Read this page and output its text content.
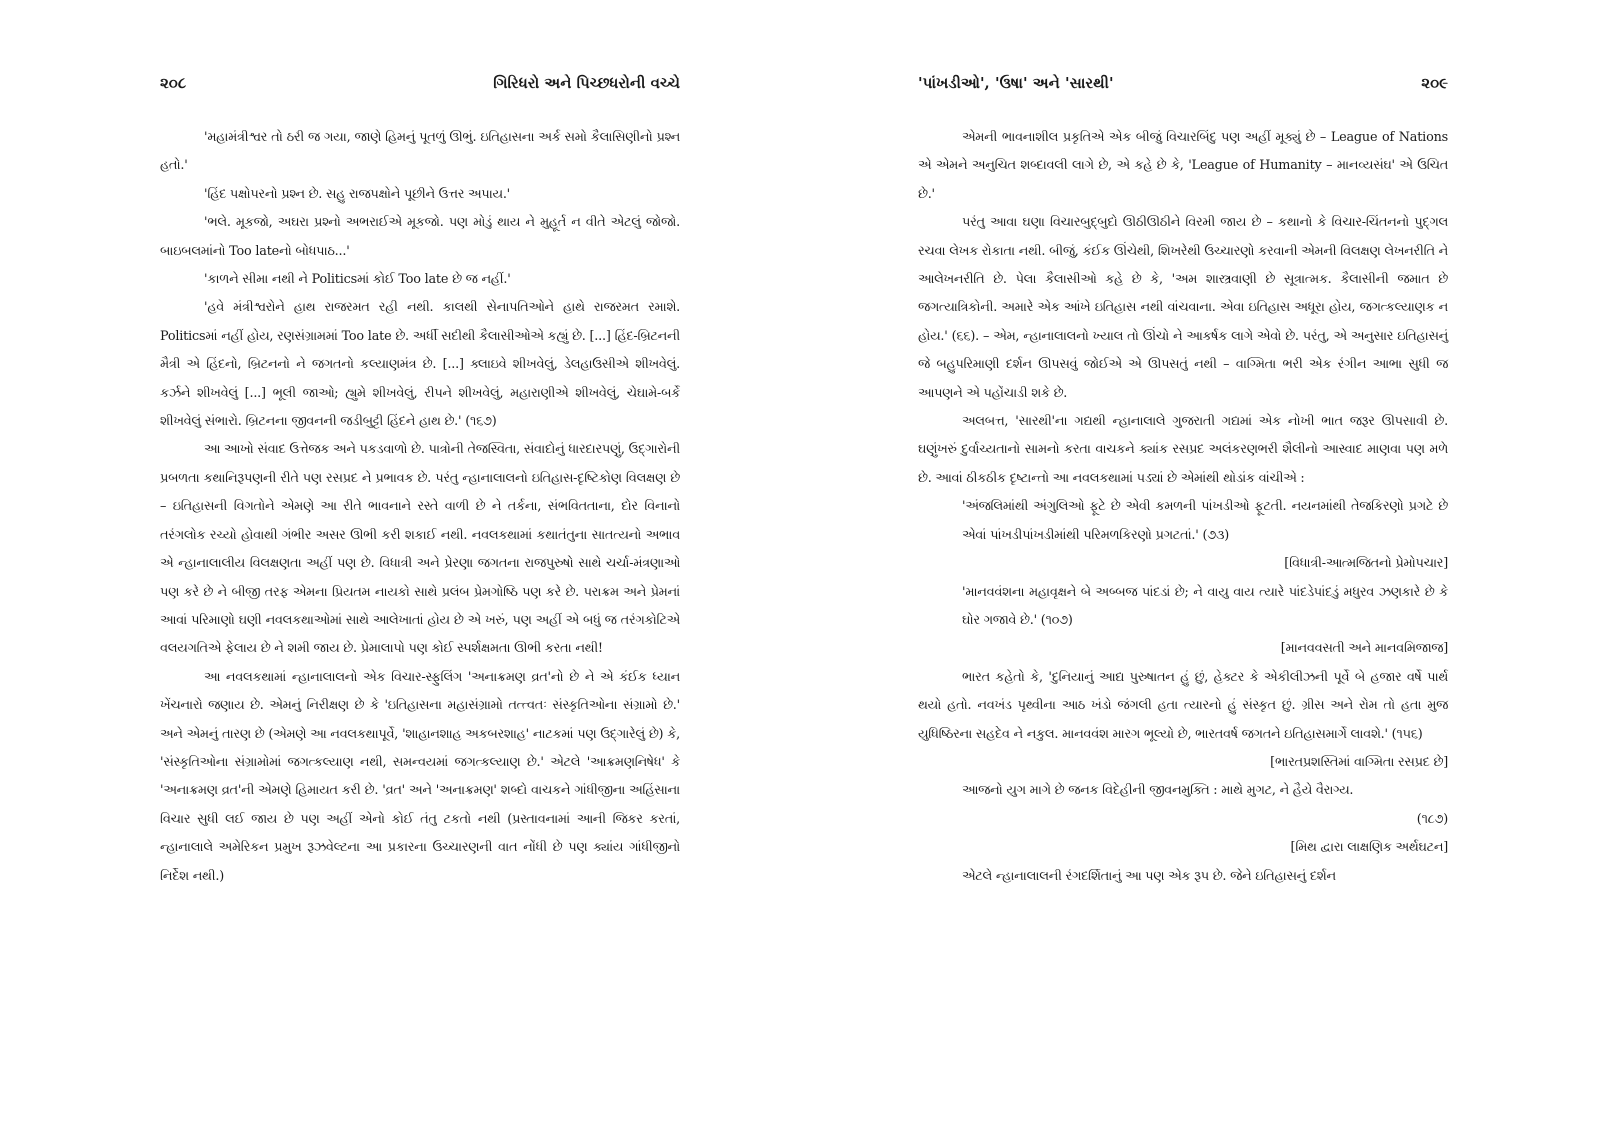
૨૦૮	ગિરિધરો અને પિચ્છધરોની વચ્ચે

'મહામંત્રીશ્વર તો ઠરી જ ગયા, જાણે હિમનું પૂતળું ઊભું. ઇતિહાસના અર્ક સમો કૈલાસિણીનો પ્રશ્ન હતો.'

'હિંદ પક્ષોપરનો પ્રશ્ન છે. સહુ રાજપક્ષોને પૂછીને ઉત્તર અપાય.'

'ભલે. મૂકજો, અઘરા પ્રશ્નો અભરાઈએ મૂકજો. પણ મોડું થાય ને મુહૂર્ત ન વીતે એટલું જોજો. બાઇબલમાંનો Too lateનો બોધપાઠ...'

'કાળને સીમા નથી ને Politicsમાં કોઈ Too late છે જ નહીં.'

'હવે મંત્રીશ્વરોને હાથ રાજરમત રહી નથી. કાલથી સેનાપતિઓને હાથે રાજરમત રમાશે. Politicsમાં નહીં હોય, રણસંગ્રામમાં Too late છે. અર્ધી સદીથી કૈલાસીઓએ કહ્યું છે. [...] હિંદ-બ્રિટનની મૈત્રી એ હિંદનો, બ્રિટનનો ને જગતનો કલ્યાણમંત્ર છે. [...] ક્લાઇવે શીખવેલું, ડેલહાઉસીએ શીખવેલું. કર્ઝને શીખવેલું [...] ભૂલી જાઓ; હ્યુમે શીખવેલું, રીપને શીખવેલું, મહારાણીએ શીખવેલું, ચેઘામે-બર્કે શીખવેલું સંભારો. બ્રિટનના જીવનની જડીબુટ્ટી હિંદને હાથ છે.' (૧૬૭)

આ આખો સંવાદ ઉત્તેજક અને પકડવાળો છે. પાત્રોની તેજસ્વિતા, સંવાદોનું ધારદારપણું, ઉદ્ગારોની પ્રબળતા કથાનિરૂપણની રીતે પણ રસપ્રદ ને પ્રભાવક છે. પરંતુ ન્હાનાલાલનો ઇતિહાસ-દૃષ્ટિકોણ વિલક્ષણ છે – ઇતિહાસની વિગતોને એમણે આ રીતે ભાવનાને રસ્તે વાળી છે ને તર્કના, સંભવિતતાના, દોર વિનાનો તરંગલોક રચ્યો હોવાથી ગંભીર અસર ઊભી કરી શકાઈ નથી. નવલકથામાં કથાતંતુના સાતત્યનો અભાવ એ ન્હાનાલાલીય વિલક્ષણતા અહીં પણ છે. વિધાત્રી અને પ્રેરણા જગતના રાજપુરુષો સાથે ચર્ચા-મંત્રણાઓ પણ કરે છે ને બીજી તરફ એમના પ્રિયતમ નાયકો સાથે પ્રલંબ પ્રેમગોષ્ઠિ પણ કરે છે. પરાક્રમ અને પ્રેમનાં આવાં પરિમાણો ઘણી નવલકથાઓમાં સાથે આલેખાતાં હોય છે એ ખરું, પણ અહીં એ બધું જ તરંગકોટિએ વલયગતિએ ફેલાય છે ને શમી જાય છે. પ્રેમાલાપો પણ કોઈ સ્પર્શક્ષમતા ઊભી કરતા નથી!

આ નવલકથામાં ન્હાનાલાલનો એક વિચાર-સ્ફુલિંગ 'અનાક્રમણ વ્રત'નો છે ને એ કંઈક ધ્યાન ખેંચનારો જણાય છે. એમનું નિરીક્ષણ છે કે 'ઇતિહાસના મહાસંગ્રામો તત્ત્વતઃ સંસ્કૃતિઓના સંગ્રામો છે.' અને એમનું તારણ છે (એમણે આ નવલકથાપૂર્વે, 'શાહાનશાહ અકબરશાહ' નાટકમાં પણ ઉદ્ગારેલું છે) કે, 'સંસ્કૃતિઓના સંગ્રામોમાં જગત્કલ્યાણ નથી, સમન્વયમાં જગત્કલ્યાણ છે.' એટલે 'આક્રમણનિષેધ' કે 'અનાક્રમણ વ્રત'ની એમણે હિમાયત કરી છે. 'વ્રત' અને 'અનાક્રમણ' શબ્દો વાચકને ગાંધીજીના અહિંસાના વિચાર સુધી લઈ જાય છે પણ અહીં એનો કોઈ તંતુ ટકતો નથી (પ્રસ્તાવનામાં આની જિકર કરતાં, ન્હાનાલાલે અમેરિકન પ્રમુખ રૂઝવેલ્ટના આ પ્રકારના ઉચ્ચારણની વાત નોંધી છે પણ ક્યાંય ગાંધીજીનો નિર્દેશ નથી.)

'પાંખડીઓ', 'ઉષા' અને 'સારથી'	૨૦૯

એમની ભાવનાશીલ પ્રકૃતિએ એક બીજું વિચારબિંદુ પણ અહીં મૂક્યું છે – League of Nations એ એમને અનુચિત શબ્દાવલી લાગે છે, એ કહે છે કે, 'League of Humanity – માનવ્યસંઘ' એ ઉચિત છે.'

પરંતુ આવા ઘણા વિચારબુદ્બુદો ઊઠીઊઠીને વિરમી જાય છે – કથાનો કે વિચાર-ચિંતનનો પુદ્ગલ રચવા લેખક રોકાતા નથી. બીજું, કંઈક ઊંચેથી, શિખરેથી ઉચ્ચારણો કરવાની એમની વિલક્ષણ લેખનરીતિ ને આલેખનરીતિ છે. પેલા કૈલાસીઓ કહે છે કે, 'અમ શાસ્ત્રવાણી છે સૂત્રાત્મક. કૈલાસીની જમાત છે જગત્યાત્રિકોની. અમારે એક આંખે ઇતિહાસ નથી વાંચવાના. એવા ઇતિહાસ અધૂરા હોય, જગત્કલ્યાણક ન હોય.' (૬૬). – એમ, ન્હાનાલાલનો ખ્યાલ તો ઊંચો ને આકર્ષક લાગે એવો છે. પરંતુ, એ અનુસાર ઇતિહાસનું જે બહુપરિમાણી દર્શન ઊપસવું જોઈએ એ ઊપસતું નથી – વાગ્મિતા ભરી એક રંગીન આભા સુધી જ આપણને એ પહોંચાડી શકે છે.

અલબત્ત, 'સારથી'ના ગદ્યથી ન્હાનાલાલે ગુજરાતી ગદ્યમાં એક નોખી ભાત જરૂર ઊપસાવી છે. ઘણુંખરું દુર્વાચ્યતાનો સામનો કરતા વાચકને ક્યાંક રસપ્રદ અલંકરણભરી શૈલીનો આસ્વાદ માણવા પણ મળે છે. આવાં ઠીકઠીક દૃષ્ટાન્તો આ નવલકથામાં પડ્યાં છે એમાંથી થોડાંક વાંચીએ :

'અંજલિમાંથી અંગુલિઓ ફૂટે છે એવી કમળની પાંખડીઓ ફૂટતી. નયનમાંથી તેજકિરણો પ્રગટે છે એવાં પાંખડીપાંખડીમાંથી પરિમળકિરણો પ્રગટતાં.' (૭૩)

[વિધાત્રી-આત્મજિતનો પ્રેમોપચાર]

'માનવવંશના મહાવૃક્ષને બે અબ્બજ પાંદડાં છે; ને વાયુ વાય ત્યારે પાંદડેપાંદડું મધુરવ ઝણકારે છે કે ઘોર ગજાવે છે.' (૧૦૭)

[માનવવસતી અને માનવમિજાજ]

ભારત કહેતો કે, 'દુનિયાનું આદ્ય પુરુષાતન હું છું, હેક્ટર કે એકીલીઝની પૂર્વે બે હજાર વર્ષે પાર્થ થયો હતો. નવખંડ પૃથ્વીના આઠ ખંડો જંગલી હતા ત્યારનો હું સંસ્કૃત છું. ગ્રીસ અને રોમ તો હતા મુજ યુધિષ્ઠિરના સહદેવ ને નકુલ. માનવવંશ મારગ ભૂલ્યો છે, ભારતવર્ષ જગતને ઇતિહાસમાર્ગે લાવશે.' (૧૫૬)

[ભારતપ્રશસ્તિમાં વાગ્મિતા રસપ્રદ છે]

આજનો યુગ માગે છે જનક વિદેહીની જીવનમુક્તિ : માથે મુગટ, ને હૈયે વૈરાગ્ય.

(૧૮૭)

[મિથ દ્વારા લાક્ષણિક અર્થઘટન]

એટલે ન્હાનાલાલની રંગદર્શિતાનું આ પણ એક રૂપ છે. જેને ઇતિહાસનું દર્શન
